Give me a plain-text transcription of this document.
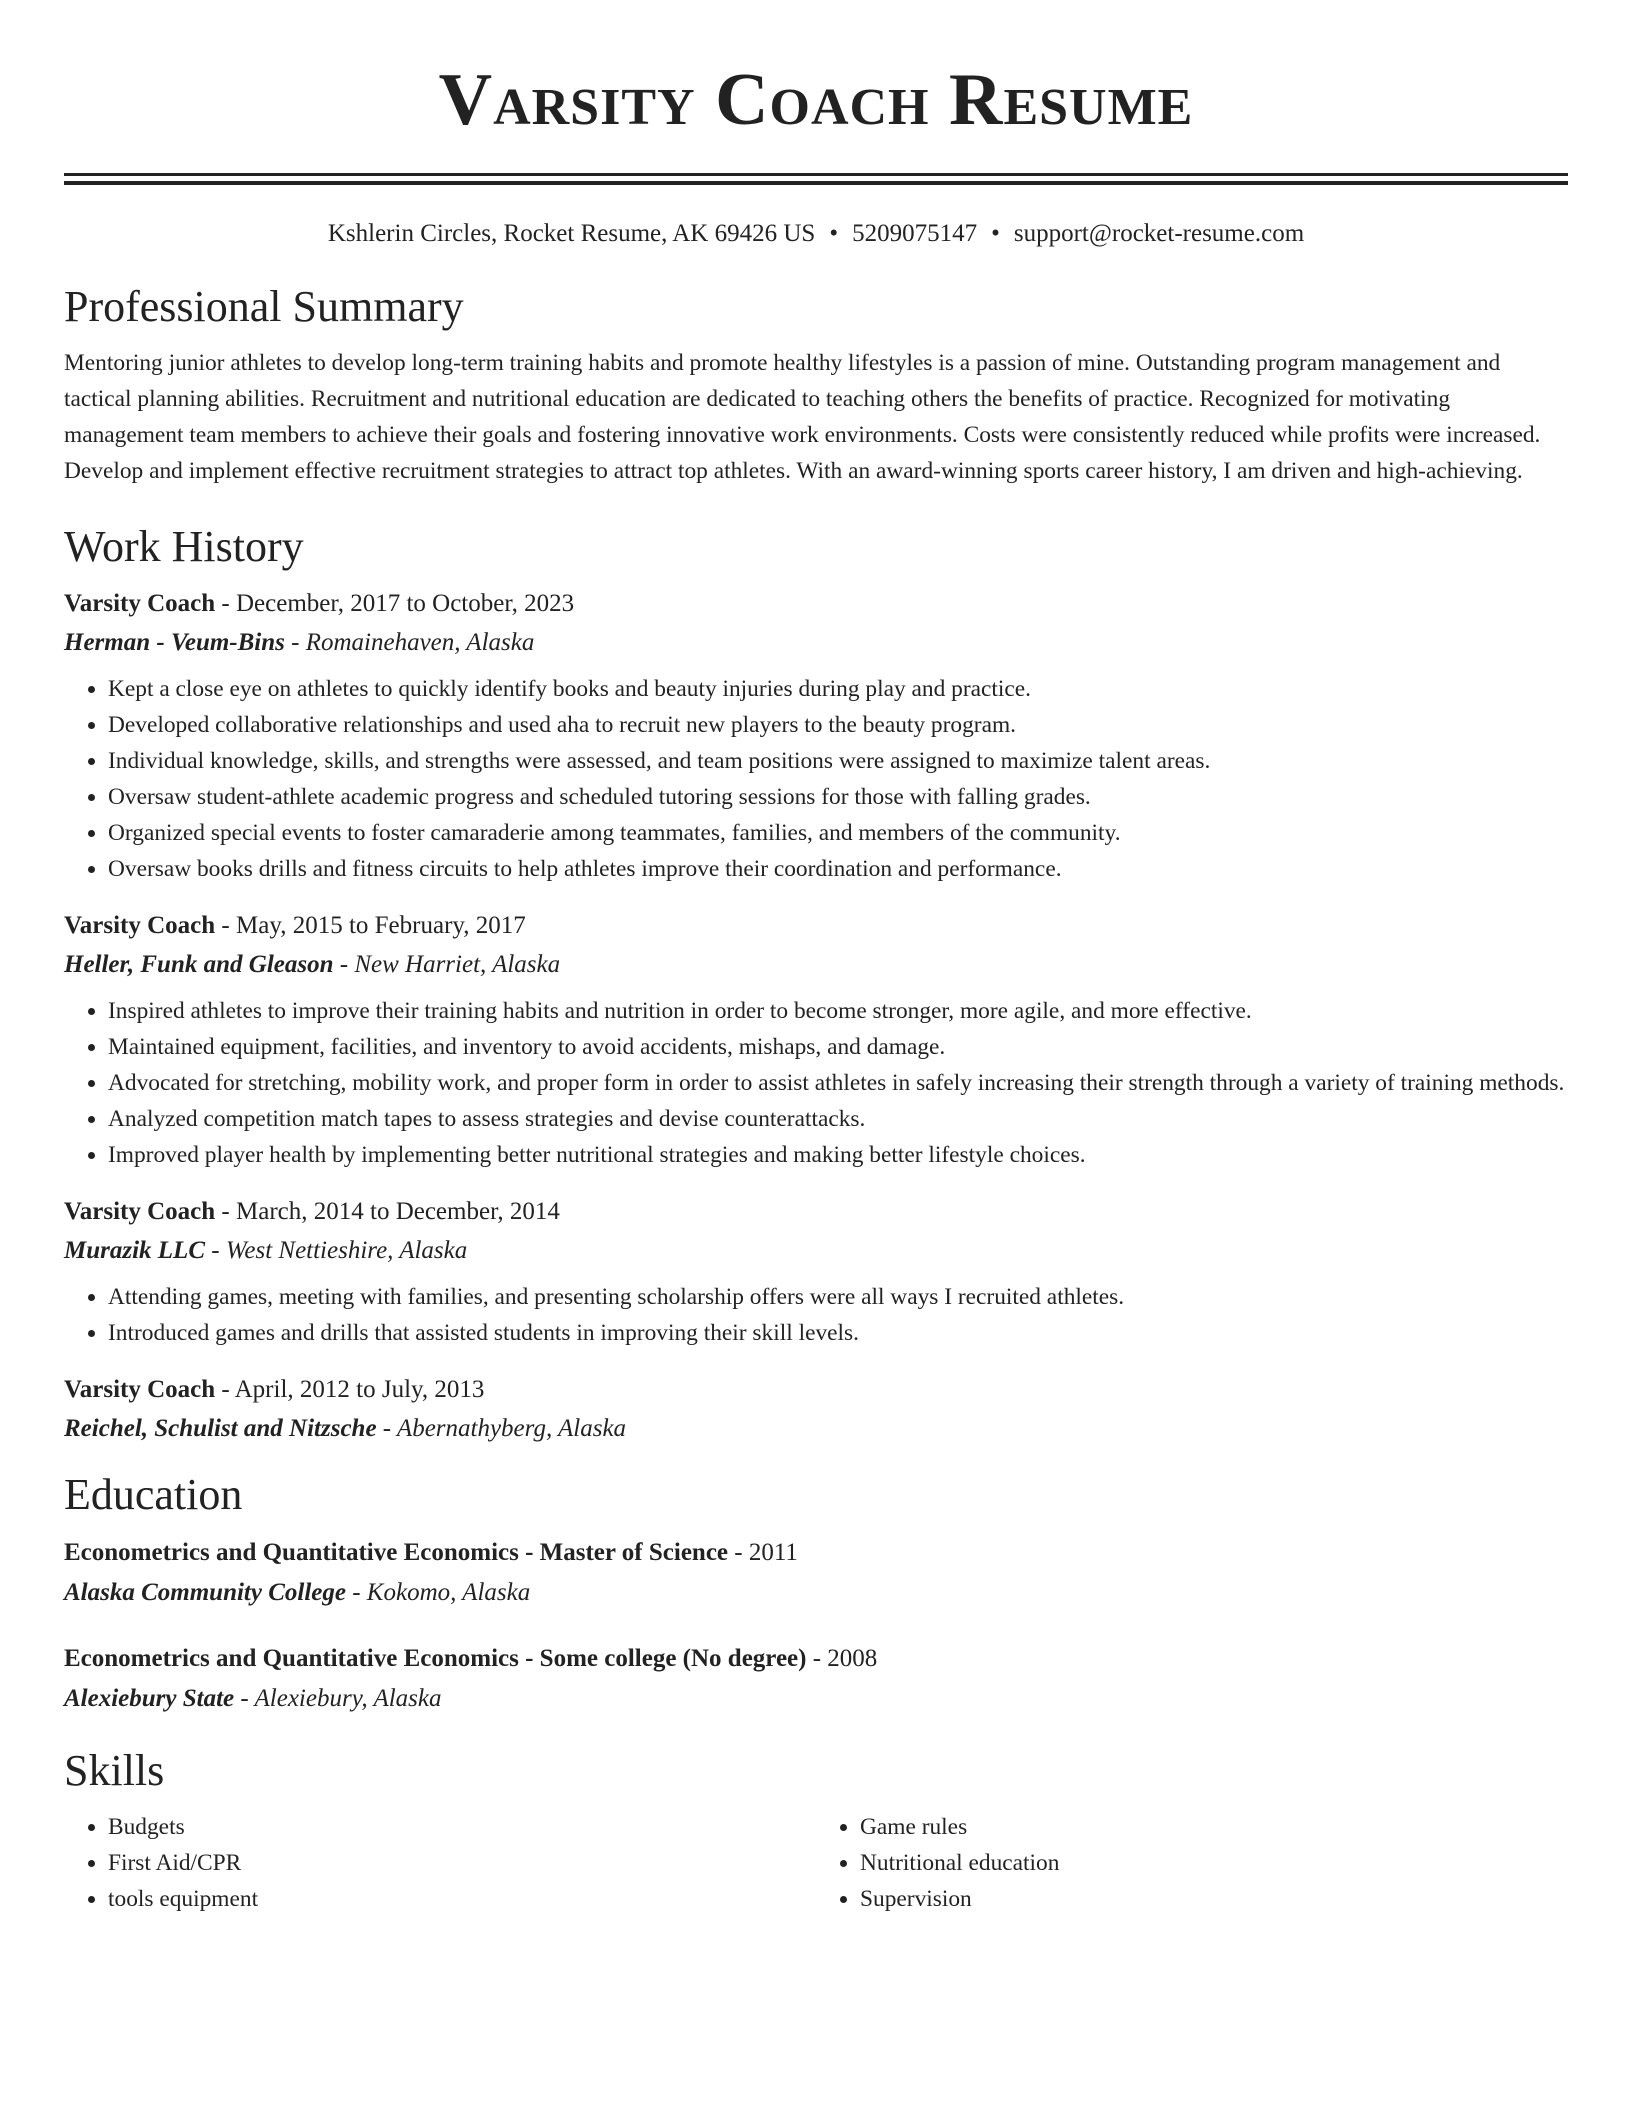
Varsity Coach Resume
Kshlerin Circles, Rocket Resume, AK 69426 US • 5209075147 • support@rocket-resume.com
Professional Summary

Mentoring junior athletes to develop long-term training habits and promote healthy lifestyles is a passion of mine. Outstanding program management and tactical planning abilities. Recruitment and nutritional education are dedicated to teaching others the benefits of practice. Recognized for motivating management team members to achieve their goals and fostering innovative work environments. Costs were consistently reduced while profits were increased. Develop and implement effective recruitment strategies to attract top athletes. With an award-winning sports career history, I am driven and high-achieving.

Work History
Varsity Coach - December, 2017 to October, 2023
Herman - Veum-Bins - Romainehaven, Alaska
• Kept a close eye on athletes to quickly identify books and beauty injuries during play and practice.
• Developed collaborative relationships and used aha to recruit new players to the beauty program.
• Individual knowledge, skills, and strengths were assessed, and team positions were assigned to maximize talent areas.
• Oversaw student-athlete academic progress and scheduled tutoring sessions for those with falling grades.
• Organized special events to foster camaraderie among teammates, families, and members of the community.
• Oversaw books drills and fitness circuits to help athletes improve their coordination and performance.
Varsity Coach - May, 2015 to February, 2017
Heller, Funk and Gleason - New Harriet, Alaska
• Inspired athletes to improve their training habits and nutrition in order to become stronger, more agile, and more effective.
• Maintained equipment, facilities, and inventory to avoid accidents, mishaps, and damage.
• Advocated for stretching, mobility work, and proper form in order to assist athletes in safely increasing their strength through a variety of training methods.
• Analyzed competition match tapes to assess strategies and devise counterattacks.
• Improved player health by implementing better nutritional strategies and making better lifestyle choices.
Varsity Coach - March, 2014 to December, 2014
Murazik LLC - West Nettieshire, Alaska
• Attending games, meeting with families, and presenting scholarship offers were all ways I recruited athletes.
• Introduced games and drills that assisted students in improving their skill levels.
Varsity Coach - April, 2012 to July, 2013
Reichel, Schulist and Nitzsche - Abernathyberg, Alaska
Education
Econometrics and Quantitative Economics - Master of Science - 2011
Alaska Community College - Kokomo, Alaska
Econometrics and Quantitative Economics - Some college (No degree) - 2008
Alexiebury State - Alexiebury, Alaska
Skills
• Budgets
• First Aid/CPR
• tools equipment
• Game rules
• Nutritional education
• Supervision
